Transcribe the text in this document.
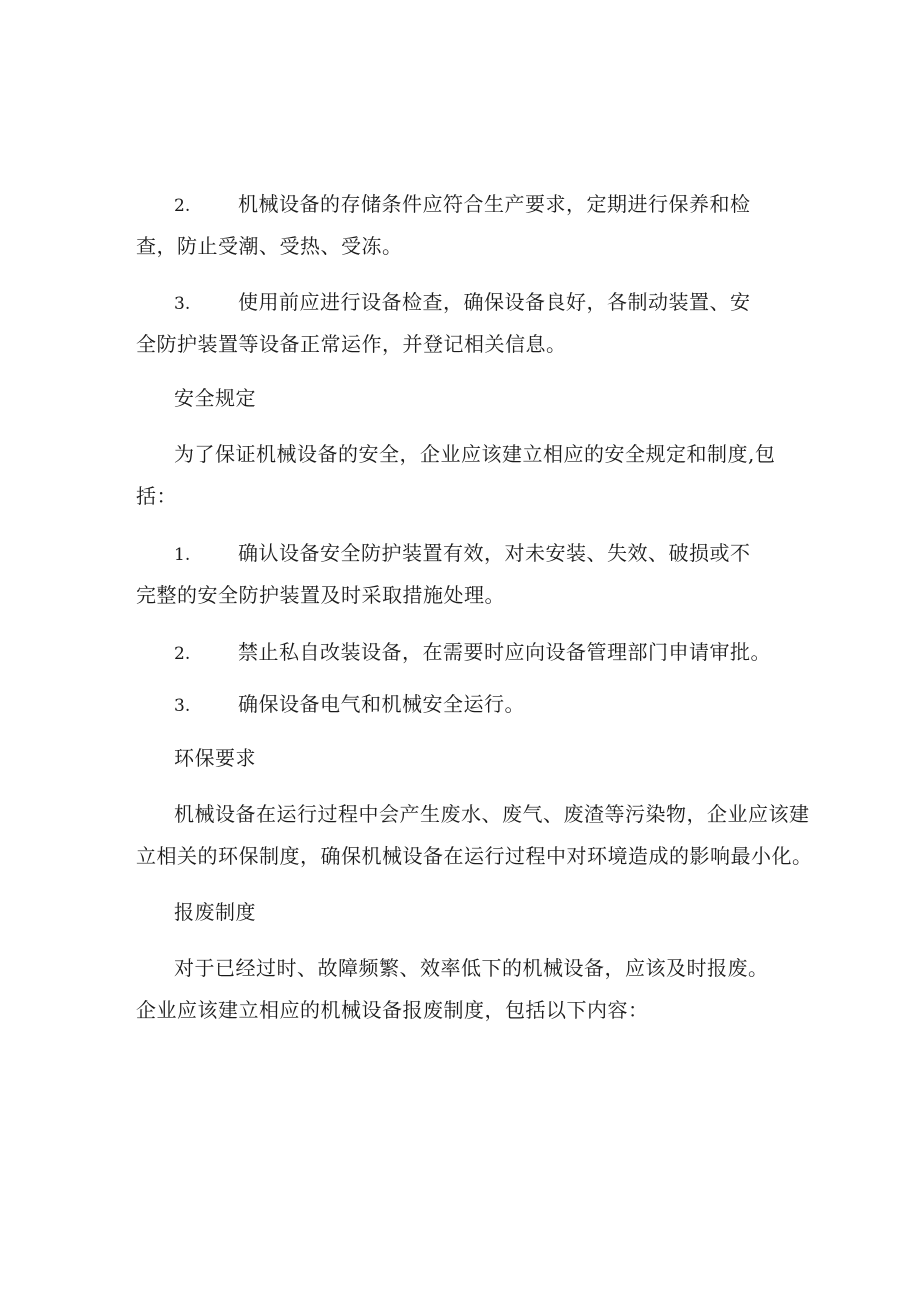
2. 机械设备的存储条件应符合生产要求，定期进行保养和检
查，防止受潮、受热、受冻。
3. 使用前应进行设备检查，确保设备良好，各制动装置、安
全防护装置等设备正常运作，并登记相关信息。
安全规定
为了保证机械设备的安全，企业应该建立相应的安全规定和制度,包
括：
1. 确认设备安全防护装置有效，对未安装、失效、破损或不
完整的安全防护装置及时采取措施处理。
2. 禁止私自改装设备，在需要时应向设备管理部门申请审批。
3. 确保设备电气和机械安全运行。
环保要求
机械设备在运行过程中会产生废水、废气、废渣等污染物，企业应该建
立相关的环保制度，确保机械设备在运行过程中对环境造成的影响最小化。
报废制度
对于已经过时、故障频繁、效率低下的机械设备，应该及时报废。
企业应该建立相应的机械设备报废制度，包括以下内容：
